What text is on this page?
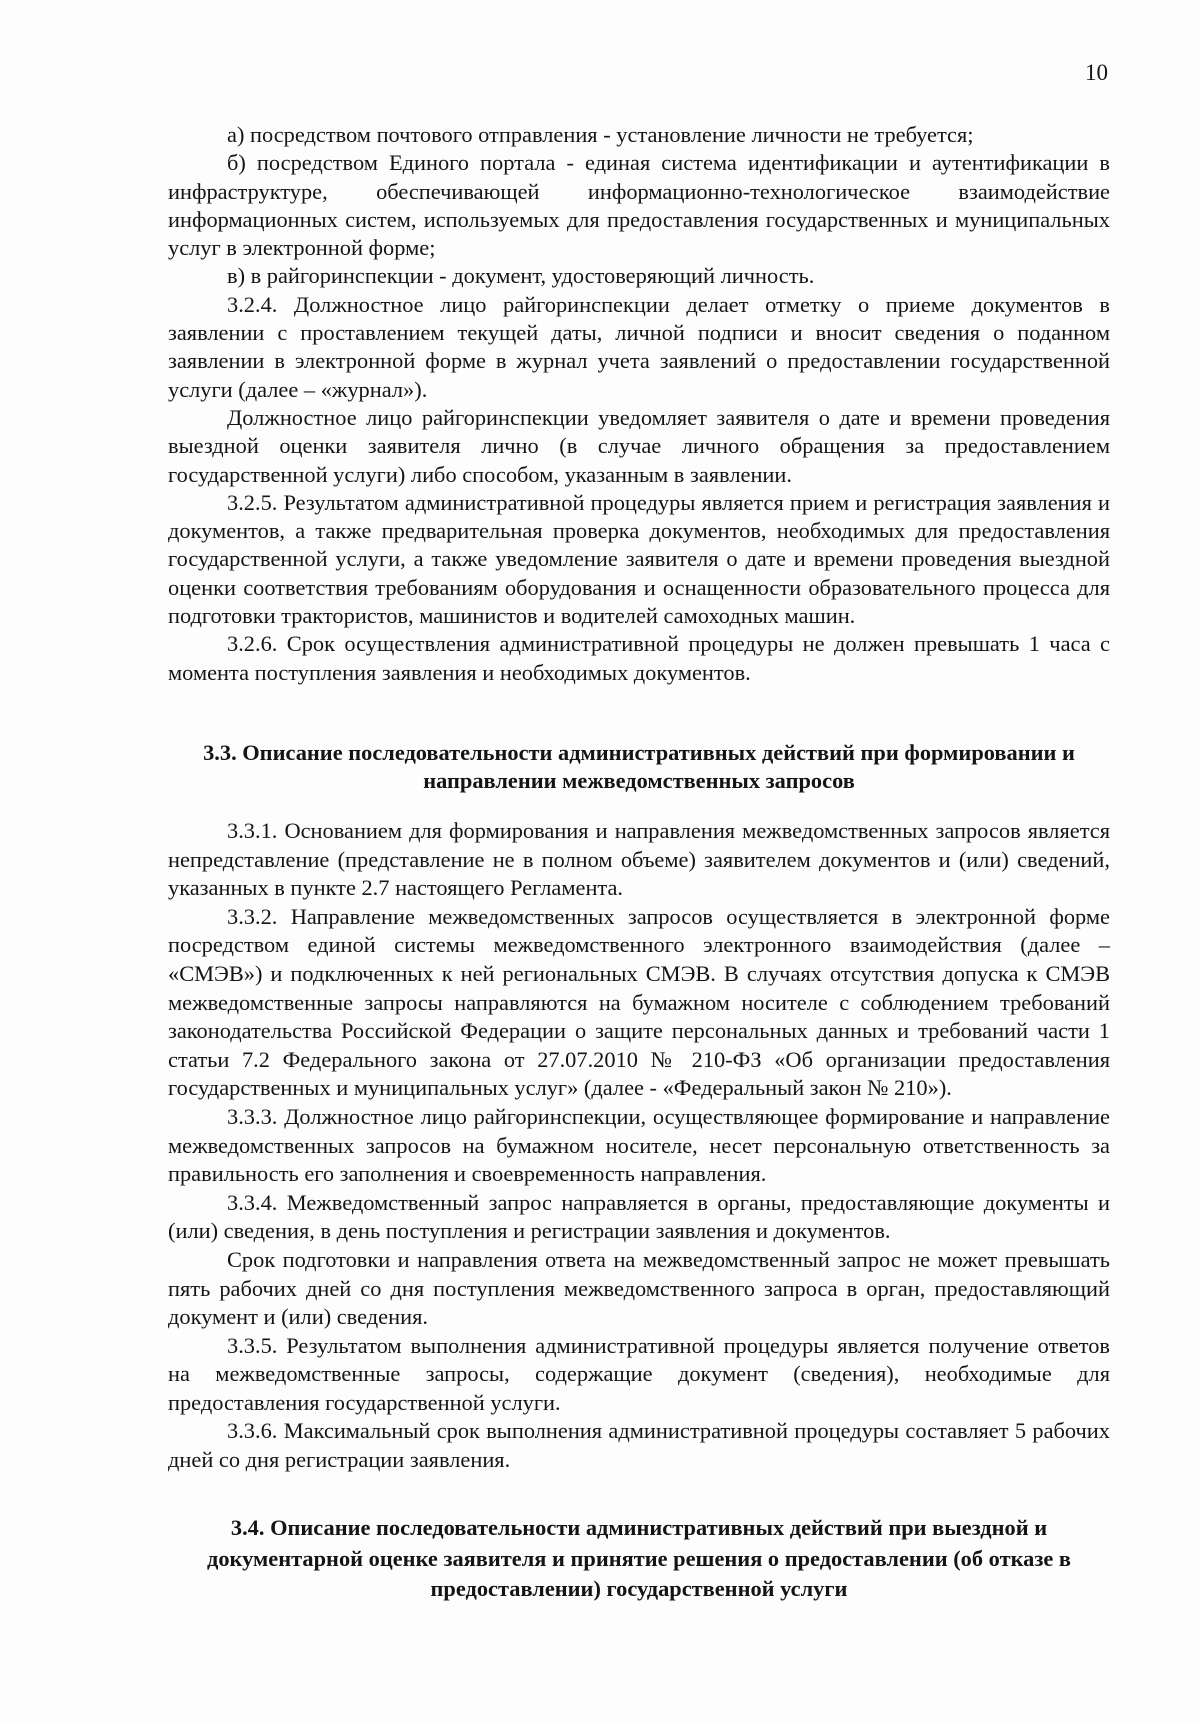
10

а) посредством почтового отправления - установление личности не требуется;

б) посредством Единого портала - единая система идентификации и аутентификации в инфраструктуре, обеспечивающей информационно-технологическое взаимодействие информационных систем, используемых для предоставления государственных и муниципальных услуг в электронной форме;

в) в райгоринспекции - документ, удостоверяющий личность.

3.2.4. Должностное лицо райгоринспекции делает отметку о приеме документов в заявлении с проставлением текущей даты, личной подписи и вносит сведения о поданном заявлении в электронной форме в журнал учета заявлений о предоставлении государственной услуги (далее – «журнал»).

Должностное лицо райгоринспекции уведомляет заявителя о дате и времени проведения выездной оценки заявителя лично (в случае личного обращения за предоставлением государственной услуги) либо способом, указанным в заявлении.

3.2.5. Результатом административной процедуры является прием и регистрация заявления и документов, а также предварительная проверка документов, необходимых для предоставления государственной услуги, а также уведомление заявителя о дате и времени проведения выездной оценки соответствия требованиям оборудования и оснащенности образовательного процесса для подготовки трактористов, машинистов и водителей самоходных машин.

3.2.6. Срок осуществления административной процедуры не должен превышать 1 часа с момента поступления заявления и необходимых документов.

3.3. Описание последовательности административных действий при формировании и направлении межведомственных запросов

3.3.1. Основанием для формирования и направления межведомственных запросов является непредставление (представление не в полном объеме) заявителем документов и (или) сведений, указанных в пункте 2.7 настоящего Регламента.

3.3.2. Направление межведомственных запросов осуществляется в электронной форме посредством единой системы межведомственного электронного взаимодействия (далее – «СМЭВ») и подключенных к ней региональных СМЭВ. В случаях отсутствия допуска к СМЭВ межведомственные запросы направляются на бумажном носителе с соблюдением требований законодательства Российской Федерации о защите персональных данных и требований части 1 статьи 7.2 Федерального закона от 27.07.2010 № 210-ФЗ «Об организации предоставления государственных и муниципальных услуг» (далее - «Федеральный закон № 210»).

3.3.3. Должностное лицо райгоринспекции, осуществляющее формирование и направление межведомственных запросов на бумажном носителе, несет персональную ответственность за правильность его заполнения и своевременность направления.

3.3.4. Межведомственный запрос направляется в органы, предоставляющие документы и (или) сведения, в день поступления и регистрации заявления и документов.

Срок подготовки и направления ответа на межведомственный запрос не может превышать пять рабочих дней со дня поступления межведомственного запроса в орган, предоставляющий документ и (или) сведения.

3.3.5. Результатом выполнения административной процедуры является получение ответов на межведомственные запросы, содержащие документ (сведения), необходимые для предоставления государственной услуги.

3.3.6. Максимальный срок выполнения административной процедуры составляет 5 рабочих дней со дня регистрации заявления.

3.4. Описание последовательности административных действий при выездной и документарной оценке заявителя и принятие решения о предоставлении (об отказе в предоставлении) государственной услуги
